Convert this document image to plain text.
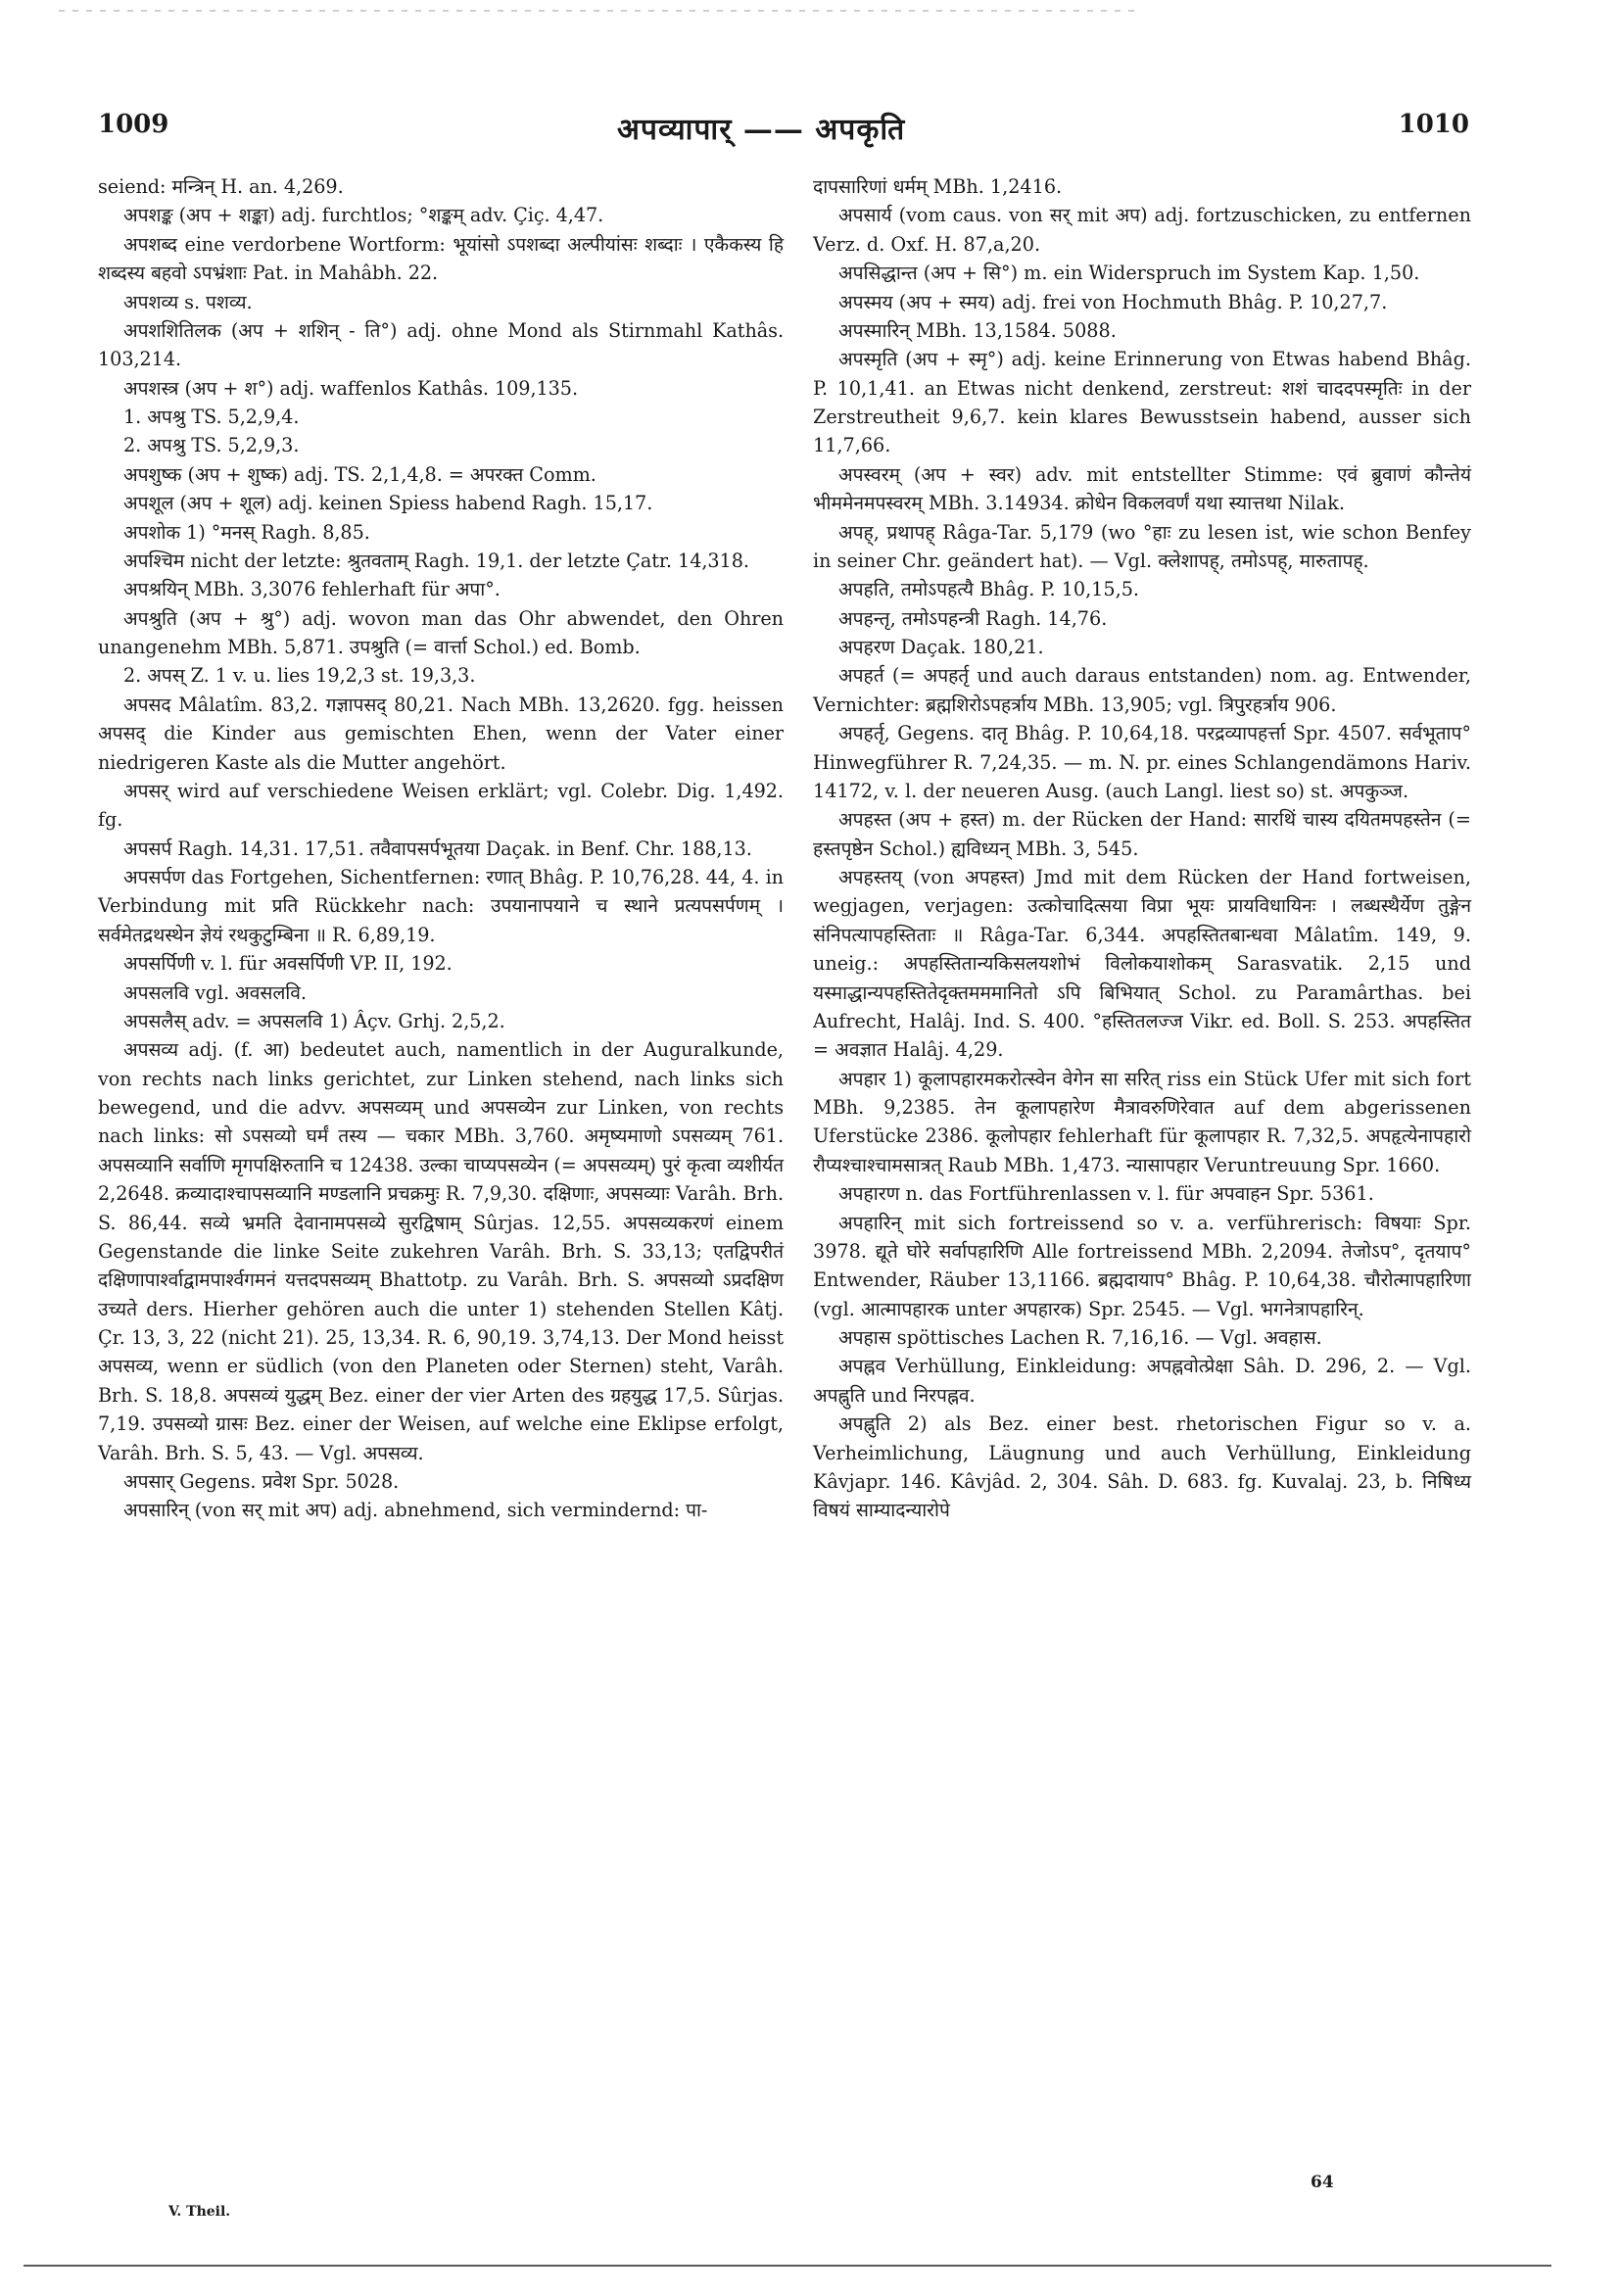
1009	अपव्यापार् —— अपकृति	1010

seiend: मन्त्रिन् H. an. 4,269.

अपशङ्क (अप + शङ्का) adj. furchtlos; °शङ्कम् adv. Çiç. 4,47.

अपशब्द eine verdorbene Wortform: भूयांसो ऽपशब्दा अल्पीयांसः शब्दाः । एकैकस्य हि शब्दस्य बहवो ऽपभ्रंशाः Pat. in Mahâbh. 22.

अपशव्य s. पशव्य.

अपशशितिलक (अप + शशिन् - ति°) adj. ohne Mond als Stirnmahl Kathâs. 103,214.

अपशस्त्र (अप + श°) adj. waffenlos Kathâs. 109,135.

1. अपश्रु TS. 5,2,9,4.

2. अपश्रु TS. 5,2,9,3.

अपशुष्क (अप + शुष्क) adj. TS. 2,1,4,8. = अपरक्त Comm.

अपशूल (अप + शूल) adj. keinen Spiess habend Ragh. 15,17.

अपशोक 1) °मनस् Ragh. 8,85.

अपश्चिम nicht der letzte: श्रुतवताम् Ragh. 19,1. der letzte Çatr. 14,318.

अपश्रयिन् MBh. 3,3076 fehlerhaft für अपा°.

अपश्रुति (अप + श्रु°) adj. wovon man das Ohr abwendet, den Ohren unangenehm MBh. 5,871. उपश्रुति (= वार्त्ता Schol.) ed. Bomb.

2. अपस् Z. 1 v. u. lies 19,2,3 st. 19,3,3.

अपसद Mâlatîm. 83,2. गज्ञापसद् 80,21. Nach MBh. 13,2620. fgg. heissen अपसद् die Kinder aus gemischten Ehen, wenn der Vater einer niedrigeren Kaste als die Mutter angehört.

अपसर् wird auf verschiedene Weisen erklärt; vgl. Colebr. Dig. 1,492. fg.

अपसर्प Ragh. 14,31. 17,51. तवैवापसर्पभूतया Daçak. in Benf. Chr. 188,13.

अपसर्पण das Fortgehen, Sichentfernen: रणात् Bhâg. P. 10,76,28. 44, 4. in Verbindung mit प्रति Rückkehr nach: उपयानापयाने च स्थाने प्रत्यपसर्पणम् । सर्वमेतद्रथस्थेन ज्ञेयं रथकुटुम्बिना ॥ R. 6,89,19.

अपसर्पिणी v. l. für अवसर्पिणी VP. II, 192.

अपसलवि vgl. अवसलवि.

अपसलैस् adv. = अपसलवि 1) Âçv. Grhj. 2,5,2.

अपसव्य adj. (f. आ) bedeutet auch, namentlich in der Auguralkunde, von rechts nach links gerichtet, zur Linken stehend, nach links sich bewegend, und die advv. अपसव्यम् und अपसव्येन zur Linken, von rechts nach links: सो ऽपसव्यो घर्मं तस्य — चकार MBh. 3,760. अमृष्यमाणो ऽपसव्यम् 761. अपसव्यानि सर्वाणि मृगपक्षिरुतानि च 12438. उल्का चाप्यपसव्येन (= अपसव्यम्) पुरं कृत्वा व्यशीर्यत 2,2648. क्रव्यादाश्चापसव्यानि मण्डलानि प्रचक्रमुः R. 7,9,30. दक्षिणाः, अपसव्याः Varâh. Brh. S. 86,44. सव्ये भ्रमति देवानामपसव्ये सुरद्विषाम् Sûrjas. 12,55. अपसव्यकरणं einem Gegenstande die linke Seite zukehren Varâh. Brh. S. 33,13; एतद्विपरीतं दक्षिणापार्श्वाद्वामपार्श्वगमनं यत्तदपसव्यम् Bhattotp. zu Varâh. Brh. S. अपसव्यो ऽप्रदक्षिण उच्यते ders. Hierher gehören auch die unter 1) stehenden Stellen Kâtj. Çr. 13, 3, 22 (nicht 21). 25, 13,34. R. 6, 90,19. 3,74,13. Der Mond heisst अपसव्य, wenn er südlich (von den Planeten oder Sternen) steht, Varâh. Brh. S. 18,8. अपसव्यं युद्धम् Bez. einer der vier Arten des ग्रहयुद्ध 17,5. Sûrjas. 7,19. उपसव्यो ग्रासः Bez. einer der Weisen, auf welche eine Eklipse erfolgt, Varâh. Brh. S. 5, 43. — Vgl. अपसव्य.

अपसार् Gegens. प्रवेश Spr. 5028.

अपसारिन् (von सर् mit अप) adj. abnehmend, sich vermindernd: पा-

दापसारिणां धर्मम् MBh. 1,2416.

अपसार्य (vom caus. von सर् mit अप) adj. fortzuschicken, zu entfernen Verz. d. Oxf. H. 87,a,20.

अपसिद्धान्त (अप + सि°) m. ein Widerspruch im System Kap. 1,50.

अपस्मय (अप + स्मय) adj. frei von Hochmuth Bhâg. P. 10,27,7.

अपस्मारिन् MBh. 13,1584. 5088.

अपस्मृति (अप + स्मृ°) adj. keine Erinnerung von Etwas habend Bhâg. P. 10,1,41. an Etwas nicht denkend, zerstreut: शशं चाददपस्मृतिः in der Zerstreutheit 9,6,7. kein klares Bewusstsein habend, ausser sich 11,7,66.

अपस्वरम् (अप + स्वर) adv. mit entstellter Stimme: एवं ब्रुवाणं कौन्तेयं भीममेनमपस्वरम् MBh. 3.14934. क्रोधेन विकलवर्णं यथा स्यात्तथा Nilak.

अपह्, प्रथापह् Râga-Tar. 5,179 (wo °हाः zu lesen ist, wie schon Benfey in seiner Chr. geändert hat). — Vgl. क्लेशापह्, तमोऽपह्, मारुतापह्.

अपहति, तमोऽपहत्यै Bhâg. P. 10,15,5.

अपहन्तृ, तमोऽपहन्त्री Ragh. 14,76.

अपहरण Daçak. 180,21.

अपहर्त (= अपहर्तृ und auch daraus entstanden) nom. ag. Entwender, Vernichter: ब्रह्मशिरोऽपहर्त्राय MBh. 13,905; vgl. त्रिपुरहर्त्राय 906.

अपहर्तृ, Gegens. दातृ Bhâg. P. 10,64,18. परद्रव्यापहर्त्ता Spr. 4507. सर्वभूताप° Hinwegführer R. 7,24,35. — m. N. pr. eines Schlangendämons Hariv. 14172, v. l. der neueren Ausg. (auch Langl. liest so) st. अपकुञ्ज.

अपहस्त (अप + हस्त) m. der Rücken der Hand: सारथिं चास्य दयितमपहस्तेन (= हस्तपृष्ठेन Schol.) ह्यविध्यन् MBh. 3, 545.

अपहस्तय् (von अपहस्त) Jmd mit dem Rücken der Hand fortweisen, wegjagen, verjagen: उत्कोचादित्सया विप्रा भूयः प्रायविधायिनः । लब्धस्थैर्येण तुङ्गेन संनिपत्यापहस्तिताः ॥ Râga-Tar. 6,344. अपहस्तितबान्धवा Mâlatîm. 149, 9. uneig.: अपहस्तितान्यकिसलयशोभं विलोकयाशोकम् Sarasvatik. 2,15 und यस्माद्धान्यपहस्तितेदृक्तमममानितो ऽपि बिभियात् Schol. zu Paramârthas. bei Aufrecht, Halâj. Ind. S. 400. °हस्तितलज्ज Vikr. ed. Boll. S. 253. अपहस्तित = अवज्ञात Halâj. 4,29.

अपहार 1) कूलापहारमकरोत्स्वेन वेगेन सा सरित् riss ein Stück Ufer mit sich fort MBh. 9,2385. तेन कूलापहारेण मैत्रावरुणिरेवात auf dem abgerissenen Uferstücke 2386. कूलोपहार fehlerhaft für कूलापहार R. 7,32,5. अपहृत्येनापहारो रौप्यश्चाश्चामसात्रत् Raub MBh. 1,473. न्यासापहार Veruntreuung Spr. 1660.

अपहारण n. das Fortführenlassen v. l. für अपवाहन Spr. 5361.

अपहारिन् mit sich fortreissend so v. a. verführerisch: विषयाः Spr. 3978. द्यूते घोरे सर्वापहारिणि Alle fortreissend MBh. 2,2094. तेजोऽप°, दृतयाप° Entwender, Räuber 13,1166. ब्रह्मदायाप° Bhâg. P. 10,64,38. चौरोत्मापहारिणा (vgl. आत्मापहारक unter अपहारक) Spr. 2545. — Vgl. भगनेत्रापहारिन्.

अपहास spöttisches Lachen R. 7,16,16. — Vgl. अवहास.

अपह्नव Verhüllung, Einkleidung: अपह्नवोत्प्रेक्षा Sâh. D. 296, 2. — Vgl. अपह्नुति und निरपह्नव.

अपह्नुति 2) als Bez. einer best. rhetorischen Figur so v. a. Verheimlichung, Läugnung und auch Verhüllung, Einkleidung Kâvjapr. 146. Kâvjâd. 2, 304. Sâh. D. 683. fg. Kuvalaj. 23, b. निषिध्य विषयं साम्यादन्यारोपे

V. Theil.
64
